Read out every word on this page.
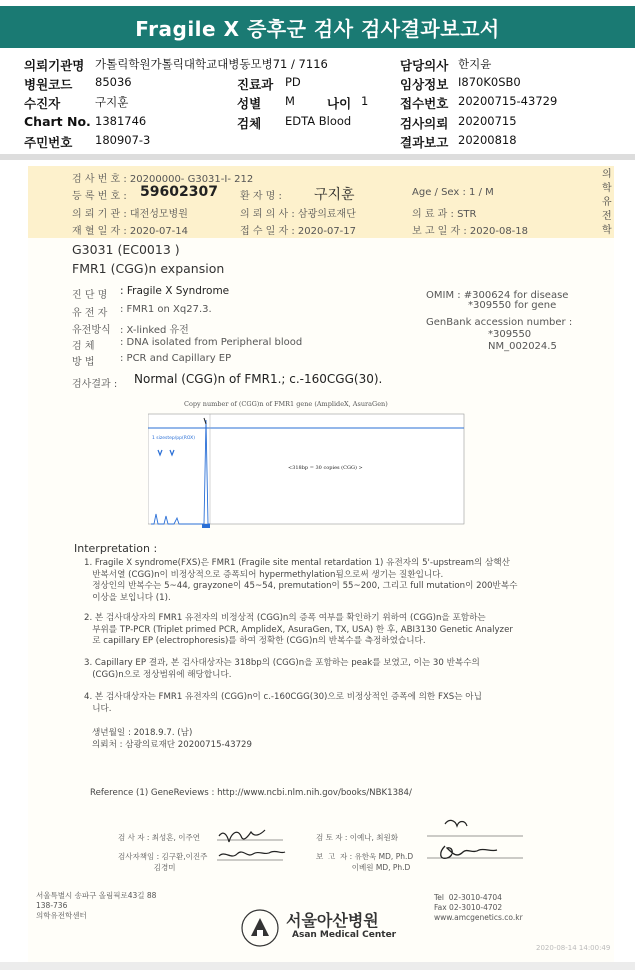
Fragile X 증후군 검사 검사결과보고서
의뢰기관명 가톨릭학원가톨릭대학교대병동모병71 / 7116
병원코드 85036
수진자	구지훈
Chart No. 1381746
주민번호 180907-3
진료과 PD
성별 M	나이 1
검체 EDTA Blood
담당의사 한지윤
임상정보 I870K0SB0
접수번호 20200715-43729
검사의뢰 20200715
결과보고 20200818
검 사 번 호 : 20200000- G3031-I- 212
등 록 번 호 : 59602307 환 자 명 : 구지훈	Age / Sex : 1 / M
의 뢰 기 관 : 대전성모병원	의 뢰 의 사 : 삼광의료재단	의 료 과 : STR
재 혈 일 자 : 2020-07-14	접 수 일 자 : 2020-07-17	보 고 일 자 : 2020-08-18
의학유전학
G3031 (EC0013 )
FMR1 (CGG)n expansion
진 단 명 : Fragile X Syndrome
유 전 자 : FMR1 on Xq27.3.
유전방식 : X-linked 유전
검 체	: DNA isolated from Peripheral blood
방 법	: PCR and Capillary EP
OMIM : #300624 for disease
*309550 for gene
GenBank accession number :
*309550
NM_002024.5
검사결과 : Normal (CGG)n of FMR1.; c.-160CGG(30).
Copy number of (CGG)n of FMR1 gene (AmplideX, AsuraGen)
1 sizestep/pp(ROX)
<318bp = 30 copies (CGG) >
Interpretation :
1. Fragile X syndrome(FXS)은 FMR1 (Fragile site mental retardation 1) 유전자의 5'-upstream의 삼핵산
반복서열 (CGG)n이 비정상적으로 증폭되어 hypermethylation됨으로써 생기는 질환입니다.
정상인의 반복수는 5~44, grayzone이 45~54, premutation이 55~200, 그리고 full mutation이 200반복수
이상을 보입니다 (1).
2. 본 검사대상자의 FMR1 유전자의 비정상적 (CGG)n의 증폭 여부를 확인하기 위하여 (CGG)n을 포함하는
부위를 TP-PCR (Triplet primed PCR, AmplideX, AsuraGen, TX, USA) 한 후, ABI3130 Genetic Analyzer
로 capillary EP (electrophoresis)를 하여 정확한 (CGG)n의 반복수를 측정하였습니다.
3. Capillary EP 결과, 본 검사대상자는 318bp의 (CGG)n을 포함하는 peak를 보였고, 이는 30 반복수의
(CGG)n으로 정상범위에 해당합니다.
4. 본 검사대상자는 FMR1 유전자의 (CGG)n이 c.-160CGG(30)으로 비정상적인 증폭에 의한 FXS는 아닙
니다.
생년월일 : 2018.9.7. (남)
의뢰처 : 삼광의료재단 20200715-43729
Reference (1) GeneReviews : http://www.ncbi.nlm.nih.gov/books/NBK1384/
검 사 자 : 최성혼, 이주연	검 토 자 : 이예나, 최원화
검사자책임 : 김구환,이진주
김경미
보  고  자 : 유한욱 MD, Ph.D
이베원 MD, Ph.D
서울특별시 송파구 올림픽로43길 88
138-736
의학유전학센터
Tel  02-3010-4704
Fax 02-3010-4702
www.amcgenetics.co.kr
서울아산병원
Asan Medical Center
2020-08-14 14:00:49
